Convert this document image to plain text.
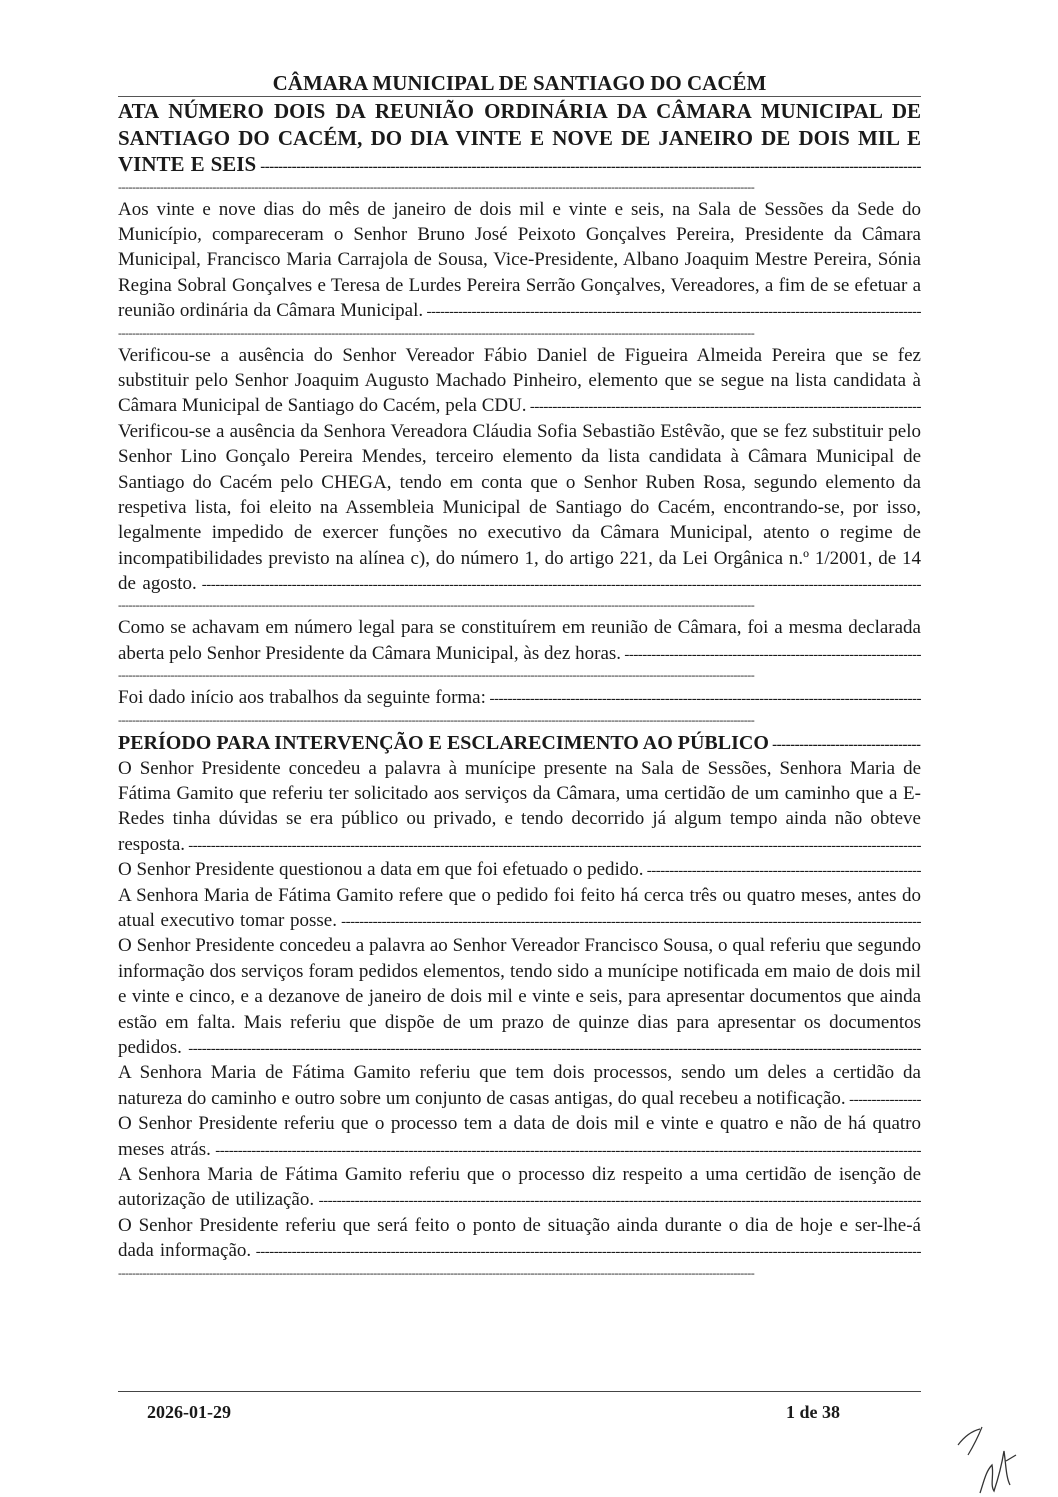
CÂMARA MUNICIPAL DE SANTIAGO DO CACÉM

ATA NÚMERO DOIS DA REUNIÃO ORDINÁRIA DA CÂMARA MUNICIPAL DE SANTIAGO DO CACÉM, DO DIA VINTE E NOVE DE JANEIRO DE DOIS MIL E VINTE E SEIS -----

--------------------------------------------------------------------------------------------------------------------------------------------------------------------------------------

Aos vinte e nove dias do mês de janeiro de dois mil e vinte e seis, na Sala de Sessões da Sede do Município, compareceram o Senhor Bruno José Peixoto Gonçalves Pereira, Presidente da Câmara Municipal, Francisco Maria Carrajola de Sousa, Vice-Presidente, Albano Joaquim Mestre Pereira, Sónia Regina Sobral Gonçalves e Teresa de Lurdes Pereira Serrão Gonçalves, Vereadores, a fim de se efetuar a reunião ordinária da Câmara Municipal. -----

--------------------------------------------------------------------------------------------------------------------------------------------------------------------------------------

Verificou-se a ausência do Senhor Vereador Fábio Daniel de Figueira Almeida Pereira que se fez substituir pelo Senhor Joaquim Augusto Machado Pinheiro, elemento que se segue na lista candidata à Câmara Municipal de Santiago do Cacém, pela CDU. -----

Verificou-se a ausência da Senhora Vereadora Cláudia Sofia Sebastião Estêvão, que se fez substituir pelo Senhor Lino Gonçalo Pereira Mendes, terceiro elemento da lista candidata à Câmara Municipal de Santiago do Cacém pelo CHEGA, tendo em conta que o Senhor Ruben Rosa, segundo elemento da respetiva lista, foi eleito na Assembleia Municipal de Santiago do Cacém, encontrando-se, por isso, legalmente impedido de exercer funções no executivo da Câmara Municipal, atento o regime de incompatibilidades previsto na alínea c), do número 1, do artigo 221, da Lei Orgânica n.º 1/2001, de 14 de agosto. -----

--------------------------------------------------------------------------------------------------------------------------------------------------------------------------------------

Como se achavam em número legal para se constituírem em reunião de Câmara, foi a mesma declarada aberta pelo Senhor Presidente da Câmara Municipal, às dez horas. -----

--------------------------------------------------------------------------------------------------------------------------------------------------------------------------------------

Foi dado início aos trabalhos da seguinte forma: -----

--------------------------------------------------------------------------------------------------------------------------------------------------------------------------------------
PERÍODO PARA INTERVENÇÃO E ESCLARECIMENTO AO PÚBLICO -----

O Senhor Presidente concedeu a palavra à munícipe presente na Sala de Sessões, Senhora Maria de Fátima Gamito que referiu ter solicitado aos serviços da Câmara, uma certidão de um caminho que a E-Redes tinha dúvidas se era público ou privado, e tendo decorrido já algum tempo ainda não obteve resposta. -----

O Senhor Presidente questionou a data em que foi efetuado o pedido. -----

A Senhora Maria de Fátima Gamito refere que o pedido foi feito há cerca três ou quatro meses, antes do atual executivo tomar posse. -----

O Senhor Presidente concedeu a palavra ao Senhor Vereador Francisco Sousa, o qual referiu que segundo informação dos serviços foram pedidos elementos, tendo sido a munícipe notificada em maio de dois mil e vinte e cinco, e a dezanove de janeiro de dois mil e vinte e seis, para apresentar documentos que ainda estão em falta. Mais referiu que dispõe de um prazo de quinze dias para apresentar os documentos pedidos. -----

A Senhora Maria de Fátima Gamito referiu que tem dois processos, sendo um deles a certidão da natureza do caminho e outro sobre um conjunto de casas antigas, do qual recebeu a notificação. -----

O Senhor Presidente referiu que o processo tem a data de dois mil e vinte e quatro e não de há quatro meses atrás. -----

A Senhora Maria de Fátima Gamito referiu que o processo diz respeito a uma certidão de isenção de autorização de utilização. -----

O Senhor Presidente referiu que será feito o ponto de situação ainda durante o dia de hoje e ser-lhe-á dada informação. -----

--------------------------------------------------------------------------------------------------------------------------------------------------------------------------------------
2026-01-29	1 de 38
